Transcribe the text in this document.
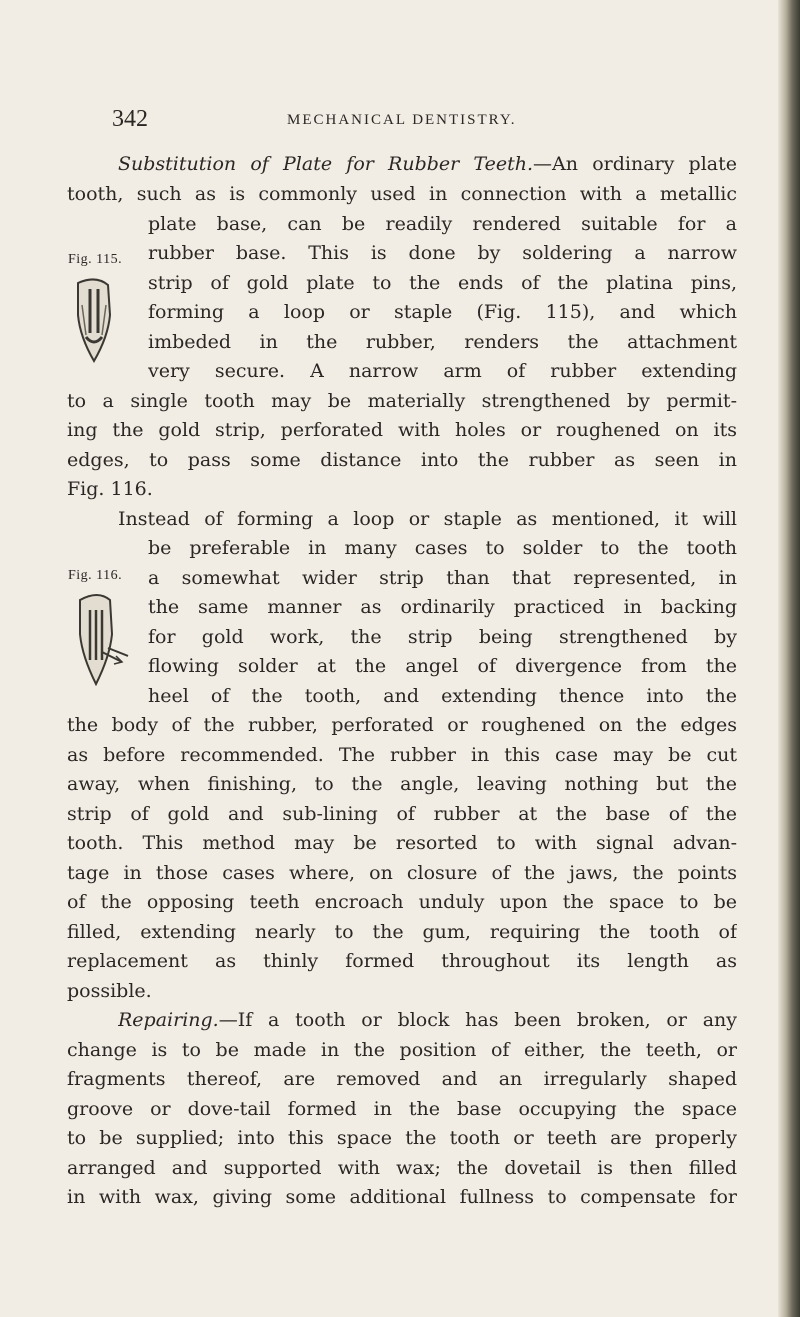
342	MECHANICAL DENTISTRY.
Fig. 115.
Fig. 116.
Substitution of Plate for Rubber Teeth.—An ordinary plate
tooth, such as is commonly used in connection with a metallic
plate base, can be readily rendered suitable for a
rubber base. This is done by soldering a narrow
strip of gold plate to the ends of the platina pins,
forming a loop or staple (Fig. 115), and which
imbeded in the rubber, renders the attachment
very secure. A narrow arm of rubber extending
to a single tooth may be materially strengthened by permit-
ing the gold strip, perforated with holes or roughened on its
edges, to pass some distance into the rubber as seen in
Fig. 116.
Instead of forming a loop or staple as mentioned, it will
be preferable in many cases to solder to the tooth
a somewhat wider strip than that represented, in
the same manner as ordinarily practiced in backing
for gold work, the strip being strengthened by
flowing solder at the angel of divergence from the
heel of the tooth, and extending thence into the
the body of the rubber, perforated or roughened on the edges
as before recommended. The rubber in this case may be cut
away, when finishing, to the angle, leaving nothing but the
strip of gold and sub-lining of rubber at the base of the
tooth. This method may be resorted to with signal advan-
tage in those cases where, on closure of the jaws, the points
of the opposing teeth encroach unduly upon the space to be
filled, extending nearly to the gum, requiring the tooth of
replacement as thinly formed throughout its length as
possible.
Repairing.—If a tooth or block has been broken, or any
change is to be made in the position of either, the teeth, or
fragments thereof, are removed and an irregularly shaped
groove or dove-tail formed in the base occupying the space
to be supplied; into this space the tooth or teeth are properly
arranged and supported with wax; the dovetail is then filled
in with wax, giving some additional fullness to compensate for
